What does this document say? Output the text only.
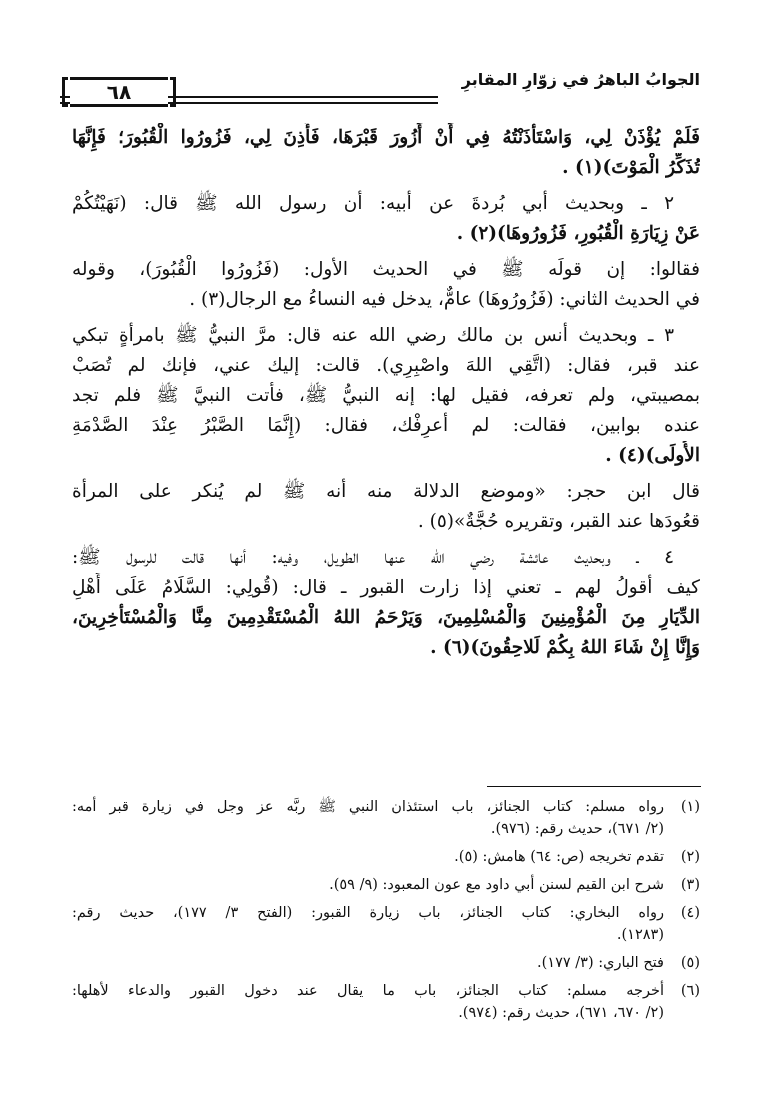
الجوابُ الباهرُ في زوّارِ المقابرِ
٦٨
فَلَمْ يُؤْذَنْ لِي، وَاسْتَأْذَنْتُهُ فِي أَنْ أَزُورَ قَبْرَهَا، فَأَذِنَ لِي، فَزُورُوا الْقُبُورَ؛ فَإِنَّهَا
تُذَكِّرُ الْمَوْتَ)(١) .
٢ ـ وبحديث أبي بُردةَ عن أبيه: أن رسول الله ﷺ قال: (نَهَيْتُكُمْ
عَنْ زِيَارَةِ الْقُبُورِ، فَزُورُوهَا)(٢) .
فقالوا: إن قولَه ﷺ في الحديث الأول: (فَزُورُوا الْقُبُورَ)، وقوله
في الحديث الثاني: (فَزُورُوهَا) عامٌّ، يدخل فيه النساءُ مع الرجال(٣) .
٣ ـ وبحديث أنس بن مالك رضي الله عنه قال: مرَّ النبيُّ ﷺ بامرأةٍ تبكي
عند قبر، فقال: (اتَّقِي اللهَ واصْبِرِي). قالت: إليك عني، فإنك لم تُصَبْ
بمصيبتي، ولم تعرفه، فقيل لها: إنه النبيُّ ﷺ، فأتت النبيَّ ﷺ فلم تجد
عنده بوابين، فقالت: لم أعرِفْك، فقال: (إِنَّمَا الصَّبْرُ عِنْدَ الصَّدْمَةِ
الأُولَى)(٤) .
قال ابن حجر: «وموضع الدلالة منه أنه ﷺ لم يُنكر على المرأة
قعُودَها عند القبر، وتقريره حُجَّةٌ»(٥) .
٤ ـ وبحديث عائشة رضي الله عنها الطويل، وفيه: أنها قالت للرسول ﷺ:
كيف أقولُ لهم ـ تعني إذا زارت القبور ـ قال: (قُولِي: السَّلَامُ عَلَى أَهْلِ
الدِّيَارِ مِنَ الْمُؤْمِنِينَ وَالْمُسْلِمِينَ، وَيَرْحَمُ اللهُ الْمُسْتَقْدِمِينَ مِنَّا وَالْمُسْتَأْخِرِينَ،
وَإِنَّا إِنْ شَاءَ اللهُ بِكُمْ لَلاحِقُونَ)(٦) .
(١)
رواه مسلم: كتاب الجنائز، باب استئذان النبي ﷺ ربَّه عز وجل في زيارة قبر أمه:
(٢/ ٦٧١)، حديث رقم: (٩٧٦).
(٢)
تقدم تخريجه (ص: ٦٤) هامش: (٥).
(٣)
شرح ابن القيم لسنن أبي داود مع عون المعبود: (٩/ ٥٩).
(٤)
رواه البخاري: كتاب الجنائز، باب زيارة القبور: (الفتح ٣/ ١٧٧)، حديث رقم:
(١٢٨٣).
(٥)
فتح الباري: (٣/ ١٧٧).
(٦)
أخرجه مسلم: كتاب الجنائز، باب ما يقال عند دخول القبور والدعاء لأهلها:
(٢/ ٦٧٠، ٦٧١)، حديث رقم: (٩٧٤).
